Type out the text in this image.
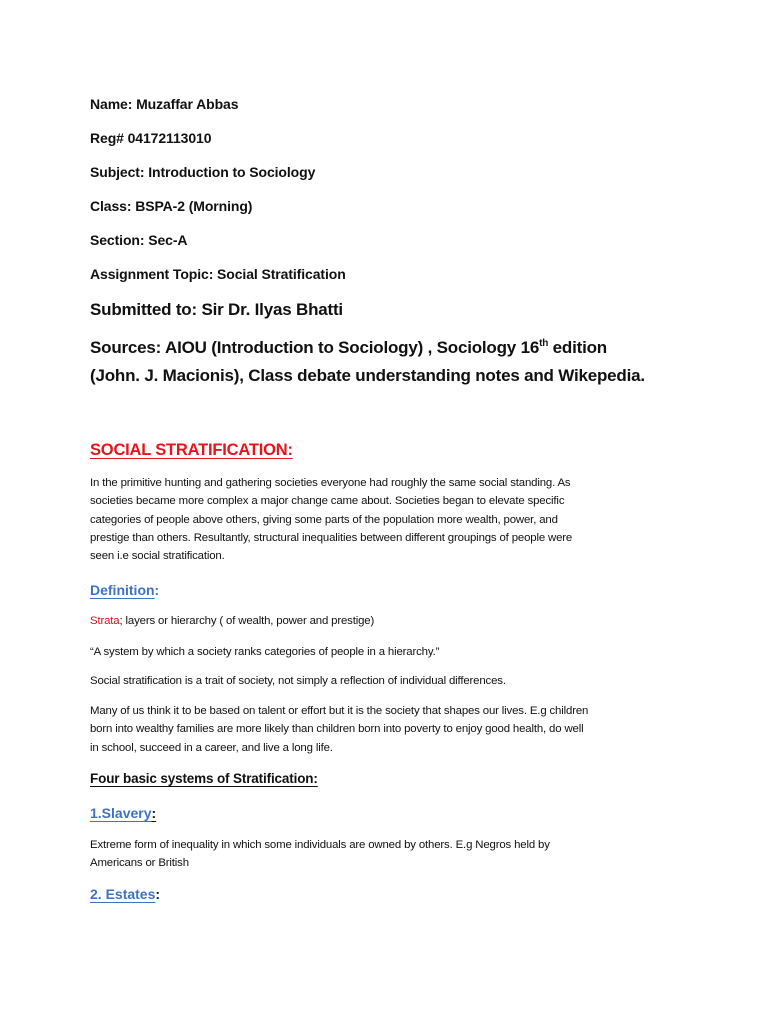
Name: Muzaffar Abbas

Reg# 04172113010

Subject: Introduction to Sociology

Class: BSPA-2 (Morning)

Section: Sec-A

Assignment Topic: Social Stratification

Submitted to: Sir Dr. Ilyas Bhatti

Sources: AIOU (Introduction to Sociology) , Sociology 16th edition

(John. J. Macionis), Class debate understanding notes and Wikepedia.

SOCIAL STRATIFICATION:

In the primitive hunting and gathering societies everyone had roughly the same social standing. As
societies became more complex a major change came about. Societies began to elevate specific
categories of people above others, giving some parts of the population more wealth, power, and
prestige than others. Resultantly, structural inequalities between different groupings of people were
seen i.e social stratification.

Definition:

Strata; layers or hierarchy ( of wealth, power and prestige)

“A system by which a society ranks categories of people in a hierarchy.”

Social stratification is a trait of society, not simply a reflection of individual differences.

Many of us think it to be based on talent or effort but it is the society that shapes our lives. E.g children
born into wealthy families are more likely than children born into poverty to enjoy good health, do well
in school, succeed in a career, and live a long life.

Four basic systems of Stratification:

1.Slavery:

Extreme form of inequality in which some individuals are owned by others. E.g Negros held by
Americans or British

2. Estates:
